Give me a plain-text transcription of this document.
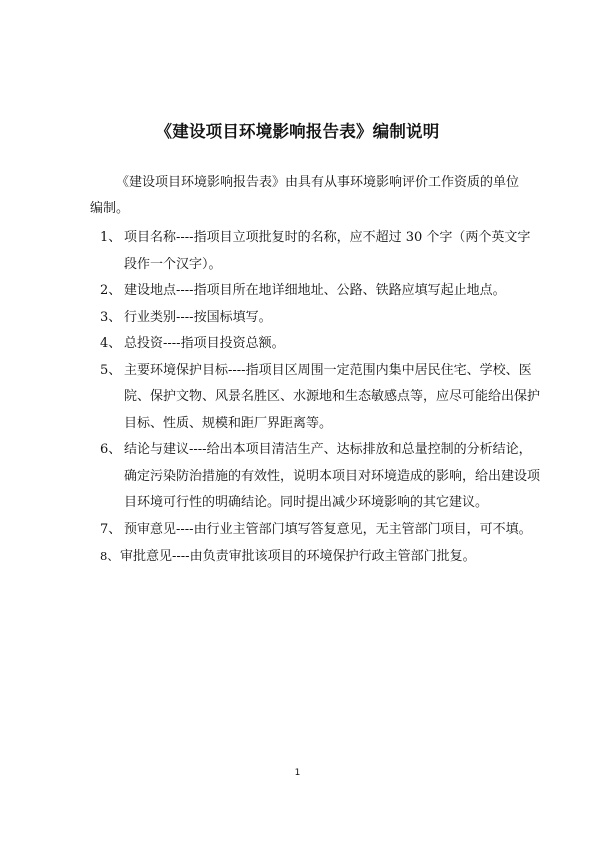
《建设项目环境影响报告表》编制说明
《建设项目环境影响报告表》由具有从事环境影响评价工作资质的单位编制。
1、 项目名称----指项目立项批复时的名称，应不超过 30 个字（两个英文字段作一个汉字）。
2、 建设地点----指项目所在地详细地址、公路、铁路应填写起止地点。
3、 行业类别----按国标填写。
4、 总投资----指项目投资总额。
5、 主要环境保护目标----指项目区周围一定范围内集中居民住宅、学校、医院、保护文物、风景名胜区、水源地和生态敏感点等，应尽可能给出保护目标、性质、规模和距厂界距离等。
6、 结论与建议----给出本项目清洁生产、达标排放和总量控制的分析结论，确定污染防治措施的有效性，说明本项目对环境造成的影响，给出建设项目环境可行性的明确结论。同时提出减少环境影响的其它建议。
7、 预审意见----由行业主管部门填写答复意见，无主管部门项目，可不填。
8、审批意见----由负责审批该项目的环境保护行政主管部门批复。
1
